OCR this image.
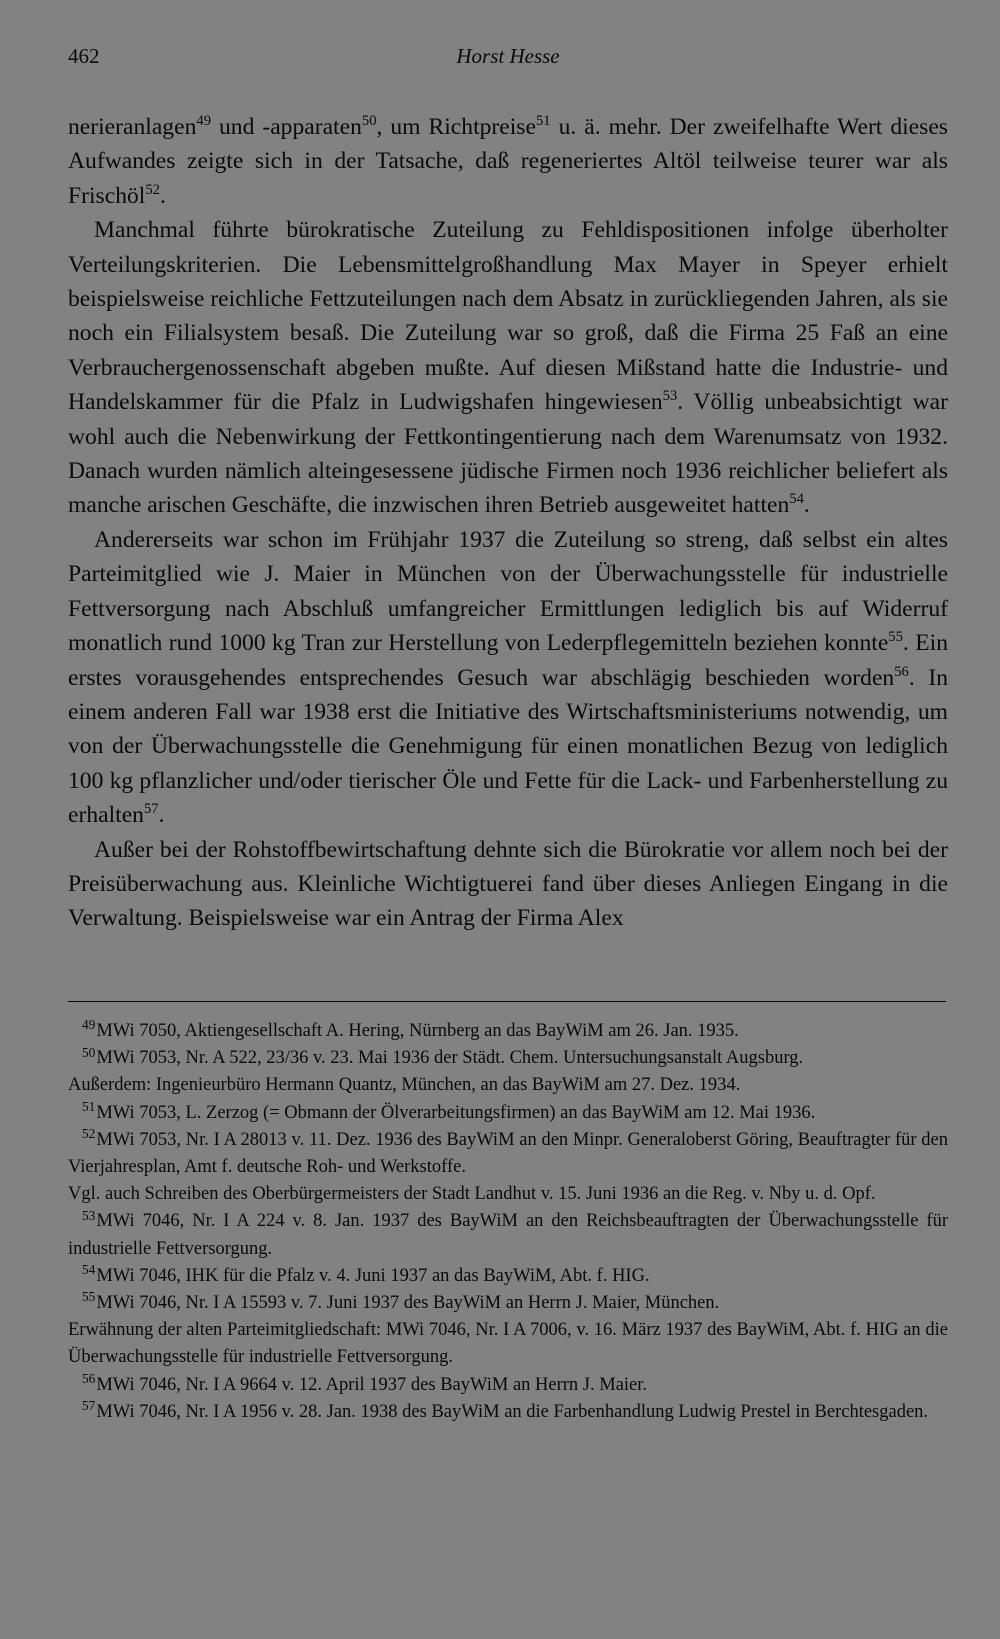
462	Horst Hesse

nerieranlagen$^{49}$ und -apparaten$^{50}$, um Richtpreise$^{51}$ u. ä. mehr. Der zweifelhafte Wert dieses Aufwandes zeigte sich in der Tatsache, daß regeneriertes Altöl teilweise teurer war als Frischöl$^{52}$.

Manchmal führte bürokratische Zuteilung zu Fehldispositionen infolge überholter Verteilungskriterien. Die Lebensmittelgroßhandlung Max Mayer in Speyer erhielt beispielsweise reichliche Fettzuteilungen nach dem Absatz in zurückliegenden Jahren, als sie noch ein Filialsystem besaß. Die Zuteilung war so groß, daß die Firma 25 Faß an eine Verbrauchergenossenschaft abgeben mußte. Auf diesen Mißstand hatte die Industrie- und Handelskammer für die Pfalz in Ludwigshafen hingewiesen$^{53}$. Völlig unbeabsichtigt war wohl auch die Nebenwirkung der Fettkontingentierung nach dem Warenumsatz von 1932. Danach wurden nämlich alteingesessene jüdische Firmen noch 1936 reichlicher beliefert als manche arischen Geschäfte, die inzwischen ihren Betrieb ausgeweitet hatten$^{54}$.

Andererseits war schon im Frühjahr 1937 die Zuteilung so streng, daß selbst ein altes Parteimitglied wie J. Maier in München von der Überwachungsstelle für industrielle Fettversorgung nach Abschluß umfangreicher Ermittlungen lediglich bis auf Widerruf monatlich rund 1000 kg Tran zur Herstellung von Lederpflegemitteln beziehen konnte$^{55}$. Ein erstes vorausgehendes entsprechendes Gesuch war abschlägig beschieden worden$^{56}$. In einem anderen Fall war 1938 erst die Initiative des Wirtschaftsministeriums notwendig, um von der Überwachungsstelle die Genehmigung für einen monatlichen Bezug von lediglich 100 kg pflanzlicher und/oder tierischer Öle und Fette für die Lack- und Farbenherstellung zu erhalten$^{57}$.

Außer bei der Rohstoffbewirtschaftung dehnte sich die Bürokratie vor allem noch bei der Preisüberwachung aus. Kleinliche Wichtigtuerei fand über dieses Anliegen Eingang in die Verwaltung. Beispielsweise war ein Antrag der Firma Alex

$^{49}$MWi 7050, Aktiengesellschaft A. Hering, Nürnberg an das BayWiM am 26. Jan. 1935.

$^{50}$MWi 7053, Nr. A 522, 23/36 v. 23. Mai 1936 der Städt. Chem. Untersuchungsanstalt Augsburg.

Außerdem: Ingenieurbüro Hermann Quantz, München, an das BayWiM am 27. Dez. 1934.

$^{51}$MWi 7053, L. Zerzog (= Obmann der Ölverarbeitungsfirmen) an das BayWiM am 12. Mai 1936.

$^{52}$MWi 7053, Nr. I A 28013 v. 11. Dez. 1936 des BayWiM an den Minpr. Generaloberst Göring, Beauftragter für den Vierjahresplan, Amt f. deutsche Roh- und Werkstoffe.

Vgl. auch Schreiben des Oberbürgermeisters der Stadt Landhut v. 15. Juni 1936 an die Reg. v. Nby u. d. Opf.

$^{53}$MWi 7046, Nr. I A 224 v. 8. Jan. 1937 des BayWiM an den Reichsbeauftragten der Überwachungsstelle für industrielle Fettversorgung.

$^{54}$MWi 7046, IHK für die Pfalz v. 4. Juni 1937 an das BayWiM, Abt. f. HIG.

$^{55}$MWi 7046, Nr. I A 15593 v. 7. Juni 1937 des BayWiM an Herrn J. Maier, München.

Erwähnung der alten Parteimitgliedschaft: MWi 7046, Nr. I A 7006, v. 16. März 1937 des BayWiM, Abt. f. HIG an die Überwachungsstelle für industrielle Fettversorgung.

$^{56}$MWi 7046, Nr. I A 9664 v. 12. April 1937 des BayWiM an Herrn J. Maier.

$^{57}$MWi 7046, Nr. I A 1956 v. 28. Jan. 1938 des BayWiM an die Farbenhandlung Ludwig Prestel in Berchtesgaden.
